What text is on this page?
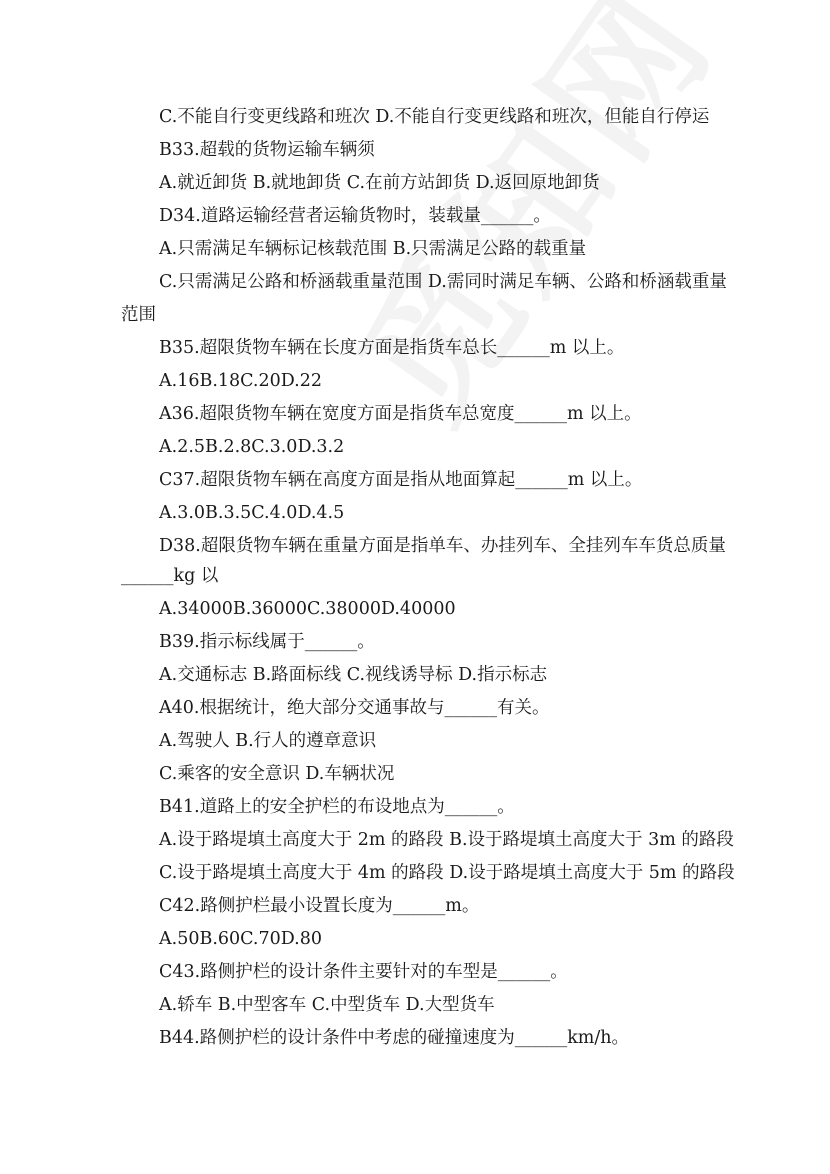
C.不能自行变更线路和班次 D.不能自行变更线路和班次，但能自行停运
B33.超载的货物运输车辆须
A.就近卸货 B.就地卸货 C.在前方站卸货 D.返回原地卸货
D34.道路运输经营者运输货物时，装载量______。
A.只需满足车辆标记核载范围 B.只需满足公路的载重量
C.只需满足公路和桥涵载重量范围 D.需同时满足车辆、公路和桥涵载重量
范围
B35.超限货物车辆在长度方面是指货车总长______m 以上。
A.16B.18C.20D.22
A36.超限货物车辆在宽度方面是指货车总宽度______m 以上。
A.2.5B.2.8C.3.0D.3.2
C37.超限货物车辆在高度方面是指从地面算起______m 以上。
A.3.0B.3.5C.4.0D.4.5
D38.超限货物车辆在重量方面是指单车、办挂列车、全挂列车车货总质量
______kg 以
A.34000B.36000C.38000D.40000
B39.指示标线属于______。
A.交通标志 B.路面标线 C.视线诱导标 D.指示标志
A40.根据统计，绝大部分交通事故与______有关。
A.驾驶人 B.行人的遵章意识
C.乘客的安全意识 D.车辆状况
B41.道路上的安全护栏的布设地点为______。
A.设于路堤填土高度大于 2m 的路段 B.设于路堤填土高度大于 3m 的路段
C.设于路堤填土高度大于 4m 的路段 D.设于路堤填土高度大于 5m 的路段
C42.路侧护栏最小设置长度为______m。
A.50B.60C.70D.80
C43.路侧护栏的设计条件主要针对的车型是______。
A.轿车 B.中型客车 C.中型货车 D.大型货车
B44.路侧护栏的设计条件中考虑的碰撞速度为______km/h。
